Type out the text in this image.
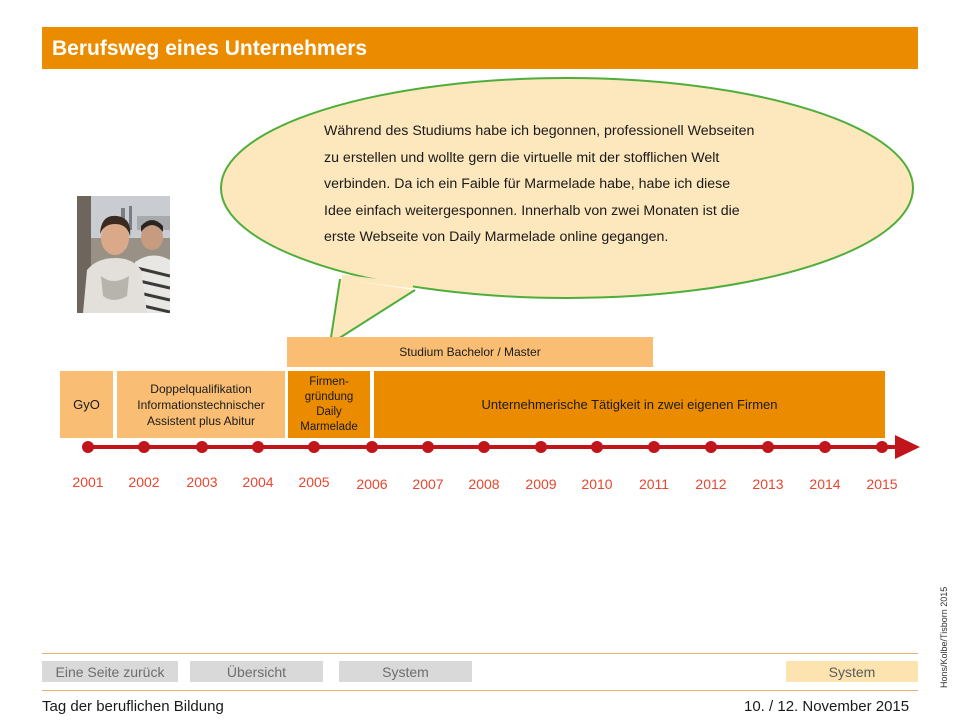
Berufsweg eines Unternehmers
Während des Studiums habe ich begonnen, professionell Webseiten
zu erstellen und wollte gern die virtuelle mit der stofflichen Welt
verbinden. Da ich ein Faible für Marmelade habe, habe ich diese
Idee einfach weitergesponnen. Innerhalb von zwei Monaten ist die
erste Webseite von Daily Marmelade online gegangen.
Studium Bachelor / Master
GyO
Doppelqualifikation
Informationstechnischer
Assistent plus Abitur
Firmen-
gründung
Daily
Marmelade
Unternehmerische Tätigkeit in zwei eigenen Firmen
2001 2002 2003 2004 2005 2006 2007 2008 2009 2010 2011 2012 2013 2014 2015
Hons/Kolbe/Tisborn 2015
Eine Seite zurück	Übersicht	System	System
Tag der beruflichen Bildung	10. / 12. November 2015
